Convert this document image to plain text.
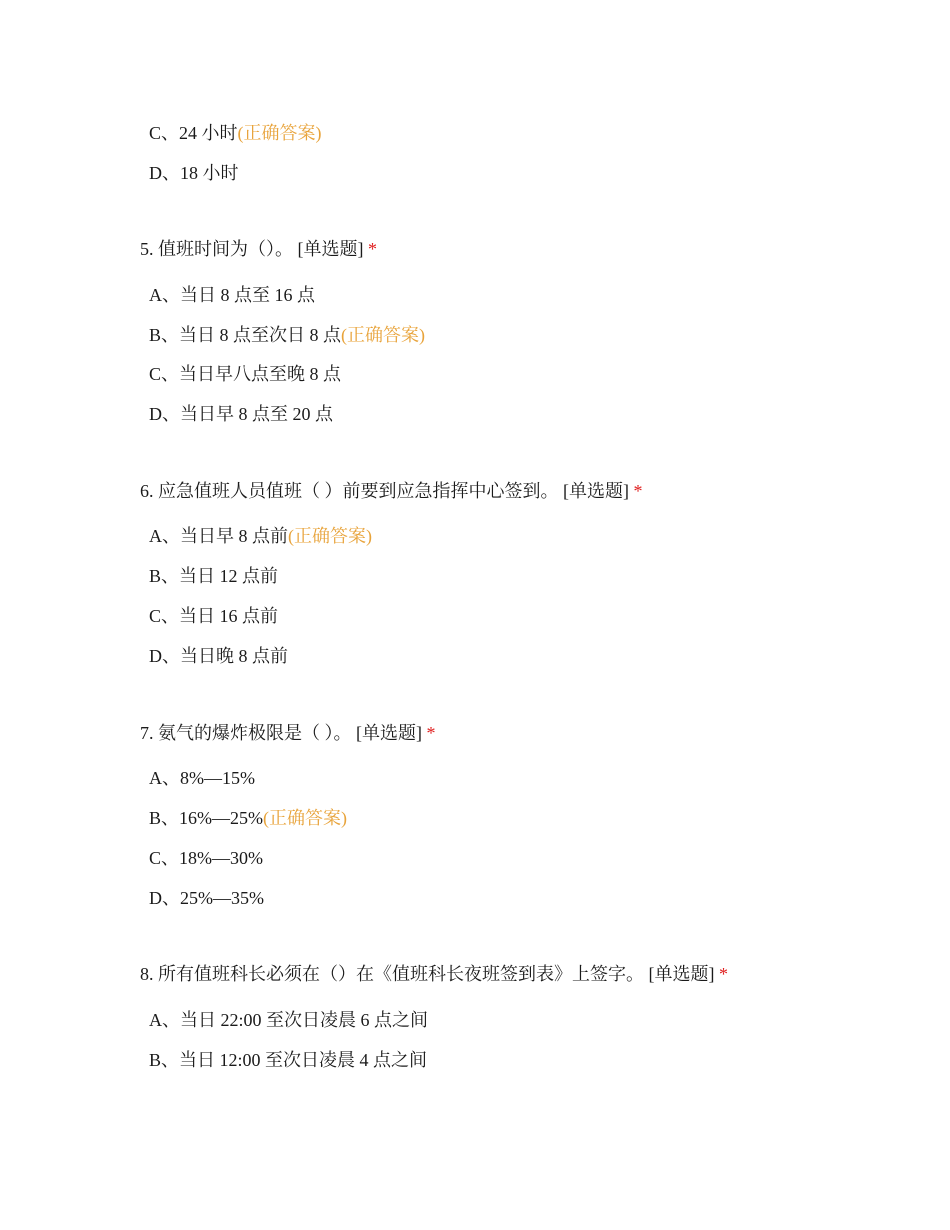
C、24 小时(正确答案)
D、18 小时
5. 值班时间为（）。 [单选题] *
A、当日 8 点至 16 点
B、当日 8 点至次日 8 点(正确答案)
C、当日早八点至晚 8 点
D、当日早 8 点至 20 点
6. 应急值班人员值班（ ）前要到应急指挥中心签到。 [单选题] *
A、当日早 8 点前(正确答案)
B、当日 12 点前
C、当日 16 点前
D、当日晚 8 点前
7. 氨气的爆炸极限是（ ）。 [单选题] *
A、8%—15%
B、16%—25%(正确答案)
C、18%—30%
D、25%—35%
8. 所有值班科长必须在（）在《值班科长夜班签到表》上签字。 [单选题] *
A、当日 22:00 至次日凌晨 6 点之间
B、当日 12:00 至次日凌晨 4 点之间
